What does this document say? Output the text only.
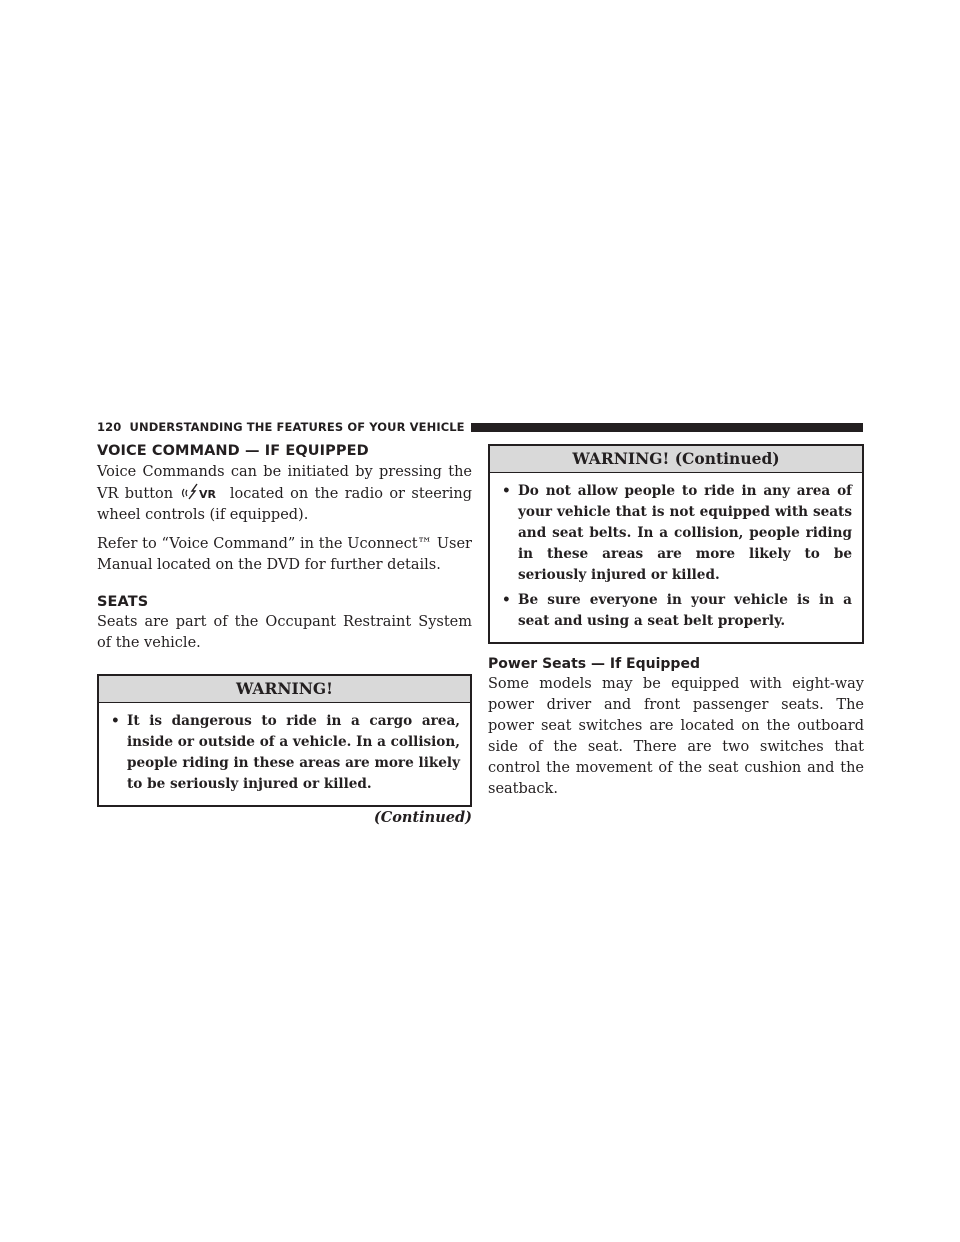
120 UNDERSTANDING THE FEATURES OF YOUR VEHICLE
VOICE COMMAND — IF EQUIPPED

Voice Commands can be initiated by pressing the VR button VR located on the radio or steering wheel controls (if equipped).

Refer to “Voice Command” in the Uconnect™ User Manual located on the DVD for further details.

SEATS

Seats are part of the Occupant Restraint System of the vehicle.

WARNING!
• It is dangerous to ride in a cargo area, inside or outside of a vehicle. In a collision, people riding in these areas are more likely to be seriously injured or killed.
(Continued)
WARNING! (Continued)
• Do not allow people to ride in any area of your vehicle that is not equipped with seats and seat belts. In a collision, people riding in these areas are more likely to be seriously injured or killed.
• Be sure everyone in your vehicle is in a seat and using a seat belt properly.
Power Seats — If Equipped

Some models may be equipped with eight-way power driver and front passenger seats. The power seat switches are located on the outboard side of the seat. There are two switches that control the movement of the seat cushion and the seatback.
